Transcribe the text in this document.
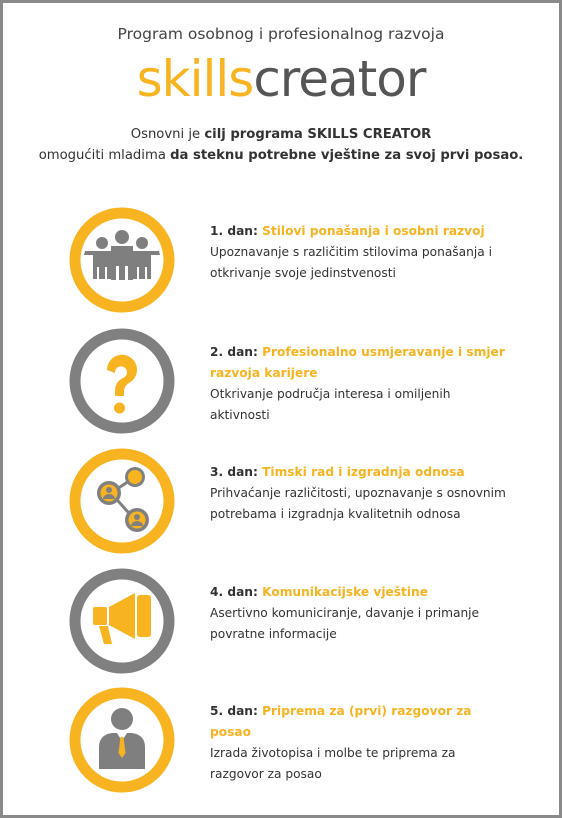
Program osobnog i profesionalnog razvoja
skillscreator
Osnovni je cilj programa SKILLS CREATOR
omogućiti mladima da steknu potrebne vještine za svoj prvi posao.
1. dan: Stilovi ponašanja i osobni razvoj
Upoznavanje s različitim stilovima ponašanja i otkrivanje svoje jedinstvenosti
2. dan: Profesionalno usmjeravanje i smjer razvoja karijere
Otkrivanje područja interesa i omiljenih aktivnosti
3. dan: Timski rad i izgradnja odnosa
Prihvaćanje različitosti, upoznavanje s osnovnim potrebama i izgradnja kvalitetnih odnosa
4. dan: Komunikacijske vještine
Asertivno komuniciranje, davanje i primanje povratne informacije
5. dan: Priprema za (prvi) razgovor za posao
Izrada životopisa i molbe te priprema za razgovor za posao
